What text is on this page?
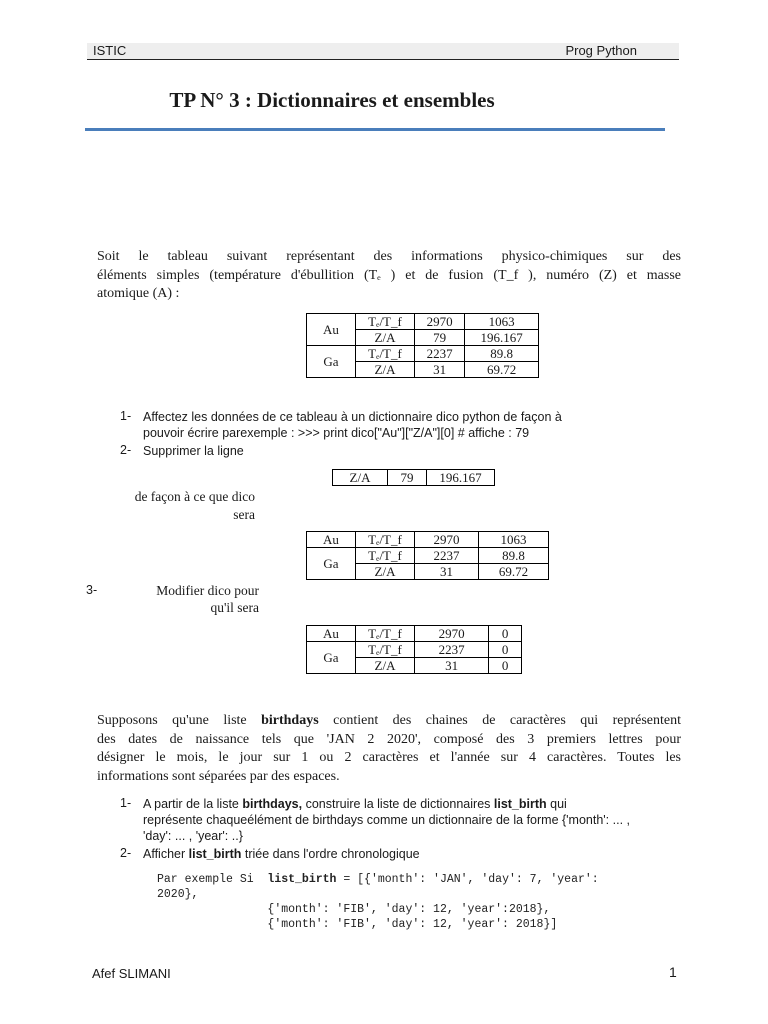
ISTIC	Prog Python
TP N° 3 : Dictionnaires et ensembles
Soit le tableau suivant représentant des informations physico-chimiques sur des
éléments simples (température d'ébullition (Tₑ ) et de fusion (T_f ), numéro (Z) et masse
atomique (A) :
Au	Tₑ/T_f	2970	1063
	Z/A	79	196.167
Ga	Tₑ/T_f	2237	89.8
	Z/A	31	69.72
1- Affectez les données de ce tableau à un dictionnaire dico python de façon à
pouvoir écrire parexemple : >>> print dico["Au"]["Z/A"][0] # affiche : 79
2- Supprimer la ligne
Z/A	79	196.167
de façon à ce que dico
sera
Au	Tₑ/T_f	2970	1063
Ga	Tₑ/T_f	2237	89.8
	Z/A	31	69.72
3-	Modifier dico pour
qu'il sera
Au	Tₑ/T_f	2970	0
Ga	Tₑ/T_f	2237	0
	Z/A	31	0
Supposons qu'une liste birthdays contient des chaines de caractères qui représentent
des dates de naissance tels que 'JAN 2 2020', composé des 3 premiers lettres pour
désigner le mois, le jour sur 1 ou 2 caractères et l'année sur 4 caractères. Toutes les
informations sont séparées par des espaces.
1- A partir de la liste birthdays, construire la liste de dictionnaires list_birth qui
représente chaqueélément de birthdays comme un dictionnaire de la forme {'month': ... ,
'day': ... , 'year': ..}
2- Afficher list_birth triée dans l'ordre chronologique
Par exemple Si  list_birth = [{'month': 'JAN', 'day': 7, 'year':
2020},
{'month': 'FIB', 'day': 12, 'year':2018},
{'month': 'FIB', 'day': 12, 'year': 2018}]
Afef SLIMANI	1
